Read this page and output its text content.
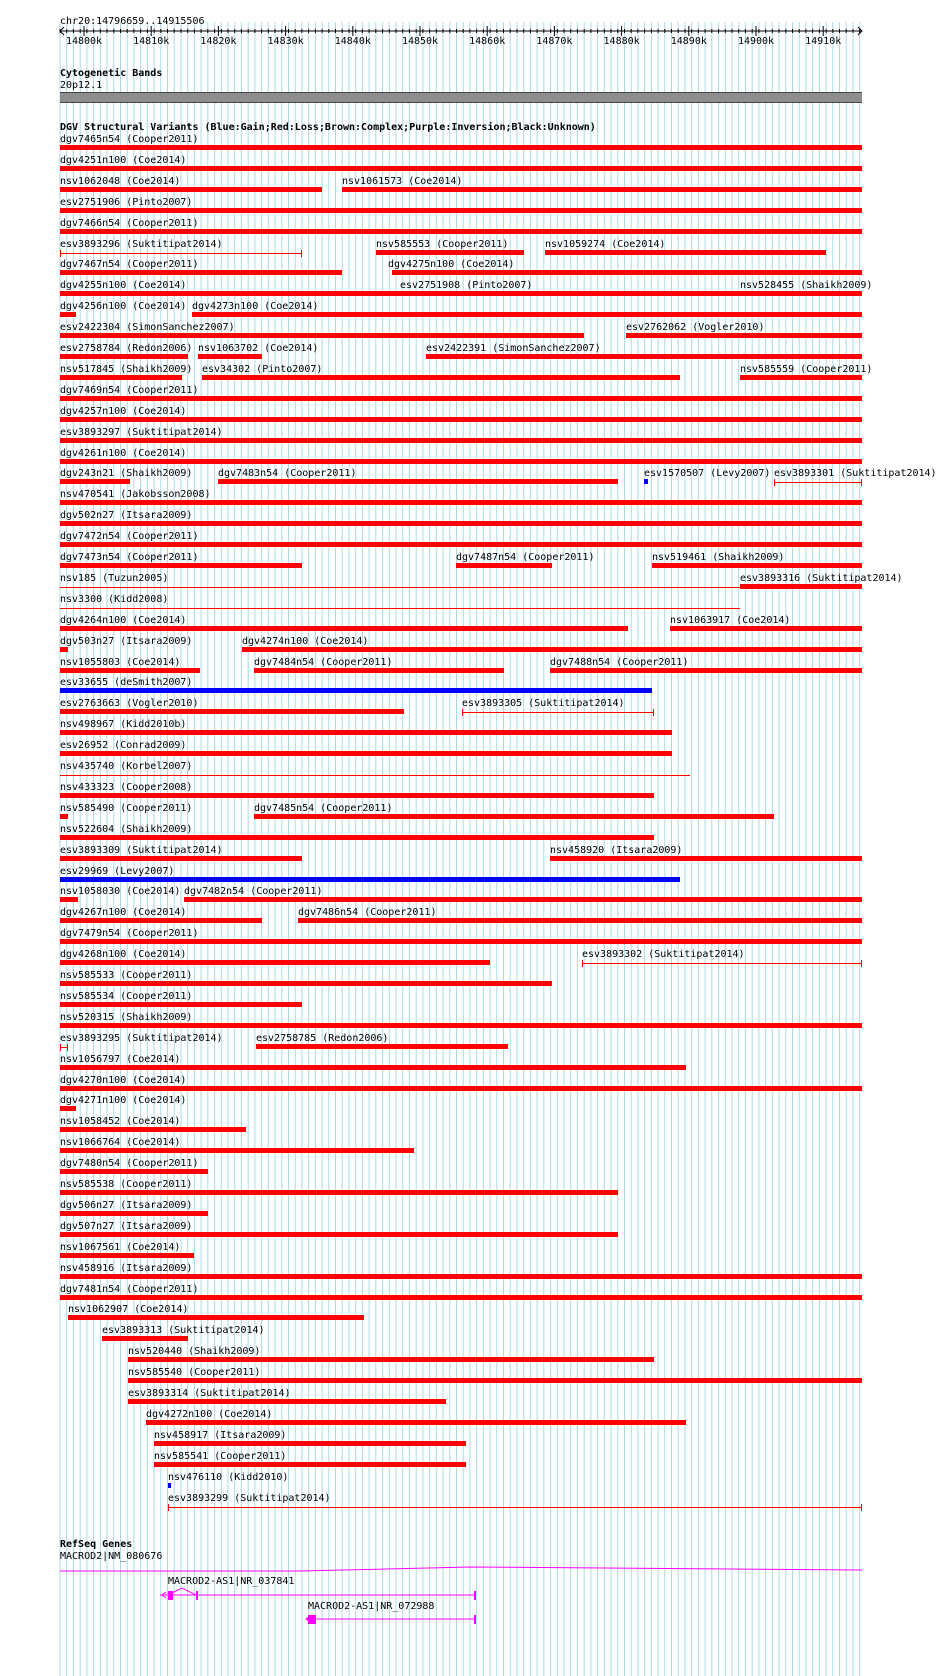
chr20:14796659..14915506
14800k	14810k	14820k	14830k	14840k	14850k	14860k	14870k	14880k	14890k	14900k	14910k
Cytogenetic Bands
20p12.1
DGV Structural Variants (Blue:Gain;Red:Loss;Brown:Complex;Purple:Inversion;Black:Unknown)
dgv7465n54 (Cooper2011)
dgv4251n100 (Coe2014)
nsv1062048 (Coe2014)	nsv1061573 (Coe2014)
esv2751906 (Pinto2007)
dgv7466n54 (Cooper2011)
esv3893296 (Suktitipat2014)	nsv585553 (Cooper2011)	nsv1059274 (Coe2014)
dgv7467n54 (Cooper2011)	dgv4275n100 (Coe2014)
dgv4255n100 (Coe2014)	esv2751908 (Pinto2007)	nsv528455 (Shaikh2009)
dgv4256n100 (Coe2014) dgv4273n100 (Coe2014)
esv2422304 (SimonSanchez2007)	esv2762062 (Vogler2010)
esv2758784 (Redon2006) nsv1063702 (Coe2014)	esv2422391 (SimonSanchez2007)
nsv517845 (Shaikh2009) esv34302 (Pinto2007)	nsv585559 (Cooper2011)
dgv7469n54 (Cooper2011)
dgv4257n100 (Coe2014)
esv3893297 (Suktitipat2014)
dgv4261n100 (Coe2014)
dgv243n21 (Shaikh2009)	dgv7483n54 (Cooper2011)	esv1570507 (Levy2007) esv3893301 (Suktitipat2014)
nsv470541 (Jakobsson2008)
dgv502n27 (Itsara2009)
dgv7472n54 (Cooper2011)
dgv7473n54 (Cooper2011)	dgv7487n54 (Cooper2011)	nsv519461 (Shaikh2009)
nsv185 (Tuzun2005)	esv3893316 (Suktitipat2014)
nsv3300 (Kidd2008)
dgv4264n100 (Coe2014)	nsv1063917 (Coe2014)
dgv503n27 (Itsara2009)	dgv4274n100 (Coe2014)
nsv1055803 (Coe2014)	dgv7484n54 (Cooper2011)	dgv7488n54 (Cooper2011)
esv33655 (deSmith2007)
esv2763663 (Vogler2010)	esv3893305 (Suktitipat2014)
nsv498967 (Kidd2010b)
esv26952 (Conrad2009)
nsv435740 (Korbel2007)
nsv433323 (Cooper2008)
nsv585490 (Cooper2011)	dgv7485n54 (Cooper2011)
nsv522604 (Shaikh2009)
esv3893309 (Suktitipat2014)	nsv458920 (Itsara2009)
esv29969 (Levy2007)
nsv1058030 (Coe2014) dgv7482n54 (Cooper2011)
dgv4267n100 (Coe2014)	dgv7486n54 (Cooper2011)
dgv7479n54 (Cooper2011)
dgv4268n100 (Coe2014)	esv3893302 (Suktitipat2014)
nsv585533 (Cooper2011)
nsv585534 (Cooper2011)
nsv520315 (Shaikh2009)
esv3893295 (Suktitipat2014)	esv2758785 (Redon2006)
nsv1056797 (Coe2014)
dgv4270n100 (Coe2014)
dgv4271n100 (Coe2014)
nsv1058452 (Coe2014)
nsv1066764 (Coe2014)
dgv7480n54 (Cooper2011)
nsv585538 (Cooper2011)
dgv506n27 (Itsara2009)
dgv507n27 (Itsara2009)
nsv1067561 (Coe2014)
nsv458916 (Itsara2009)
dgv7481n54 (Cooper2011)
nsv1062907 (Coe2014)
esv3893313 (Suktitipat2014)
nsv520440 (Shaikh2009)
nsv585540 (Cooper2011)
esv3893314 (Suktitipat2014)
dgv4272n100 (Coe2014)
nsv458917 (Itsara2009)
nsv585541 (Cooper2011)
nsv476110 (Kidd2010)
esv3893299 (Suktitipat2014)
RefSeq Genes
MACROD2|NM_080676
MACROD2-AS1|NR_037841
MACROD2-AS1|NR_072988
